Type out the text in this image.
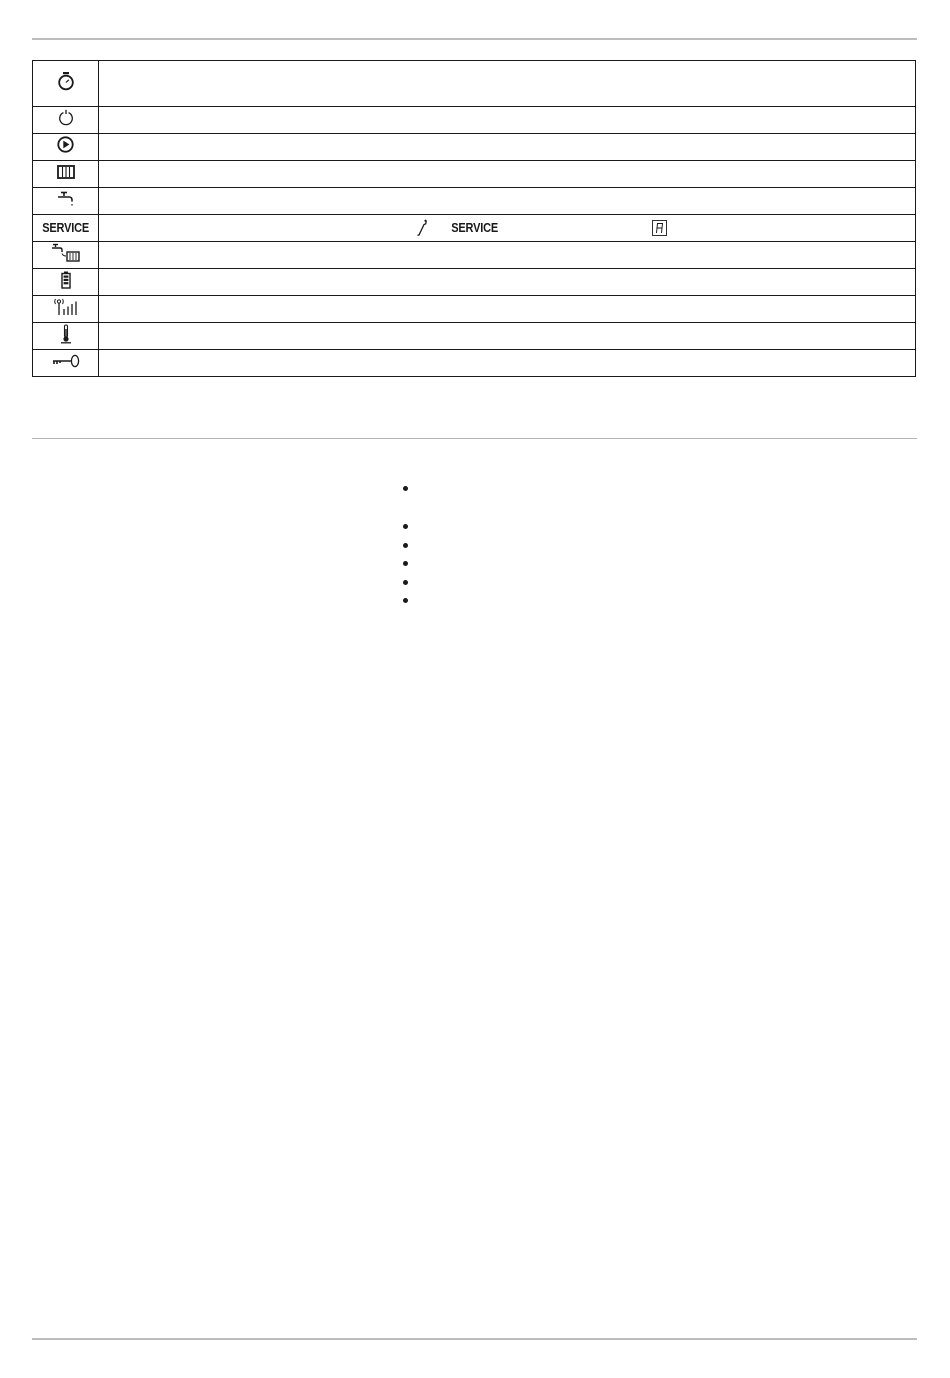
SERVICE	SERVICE
